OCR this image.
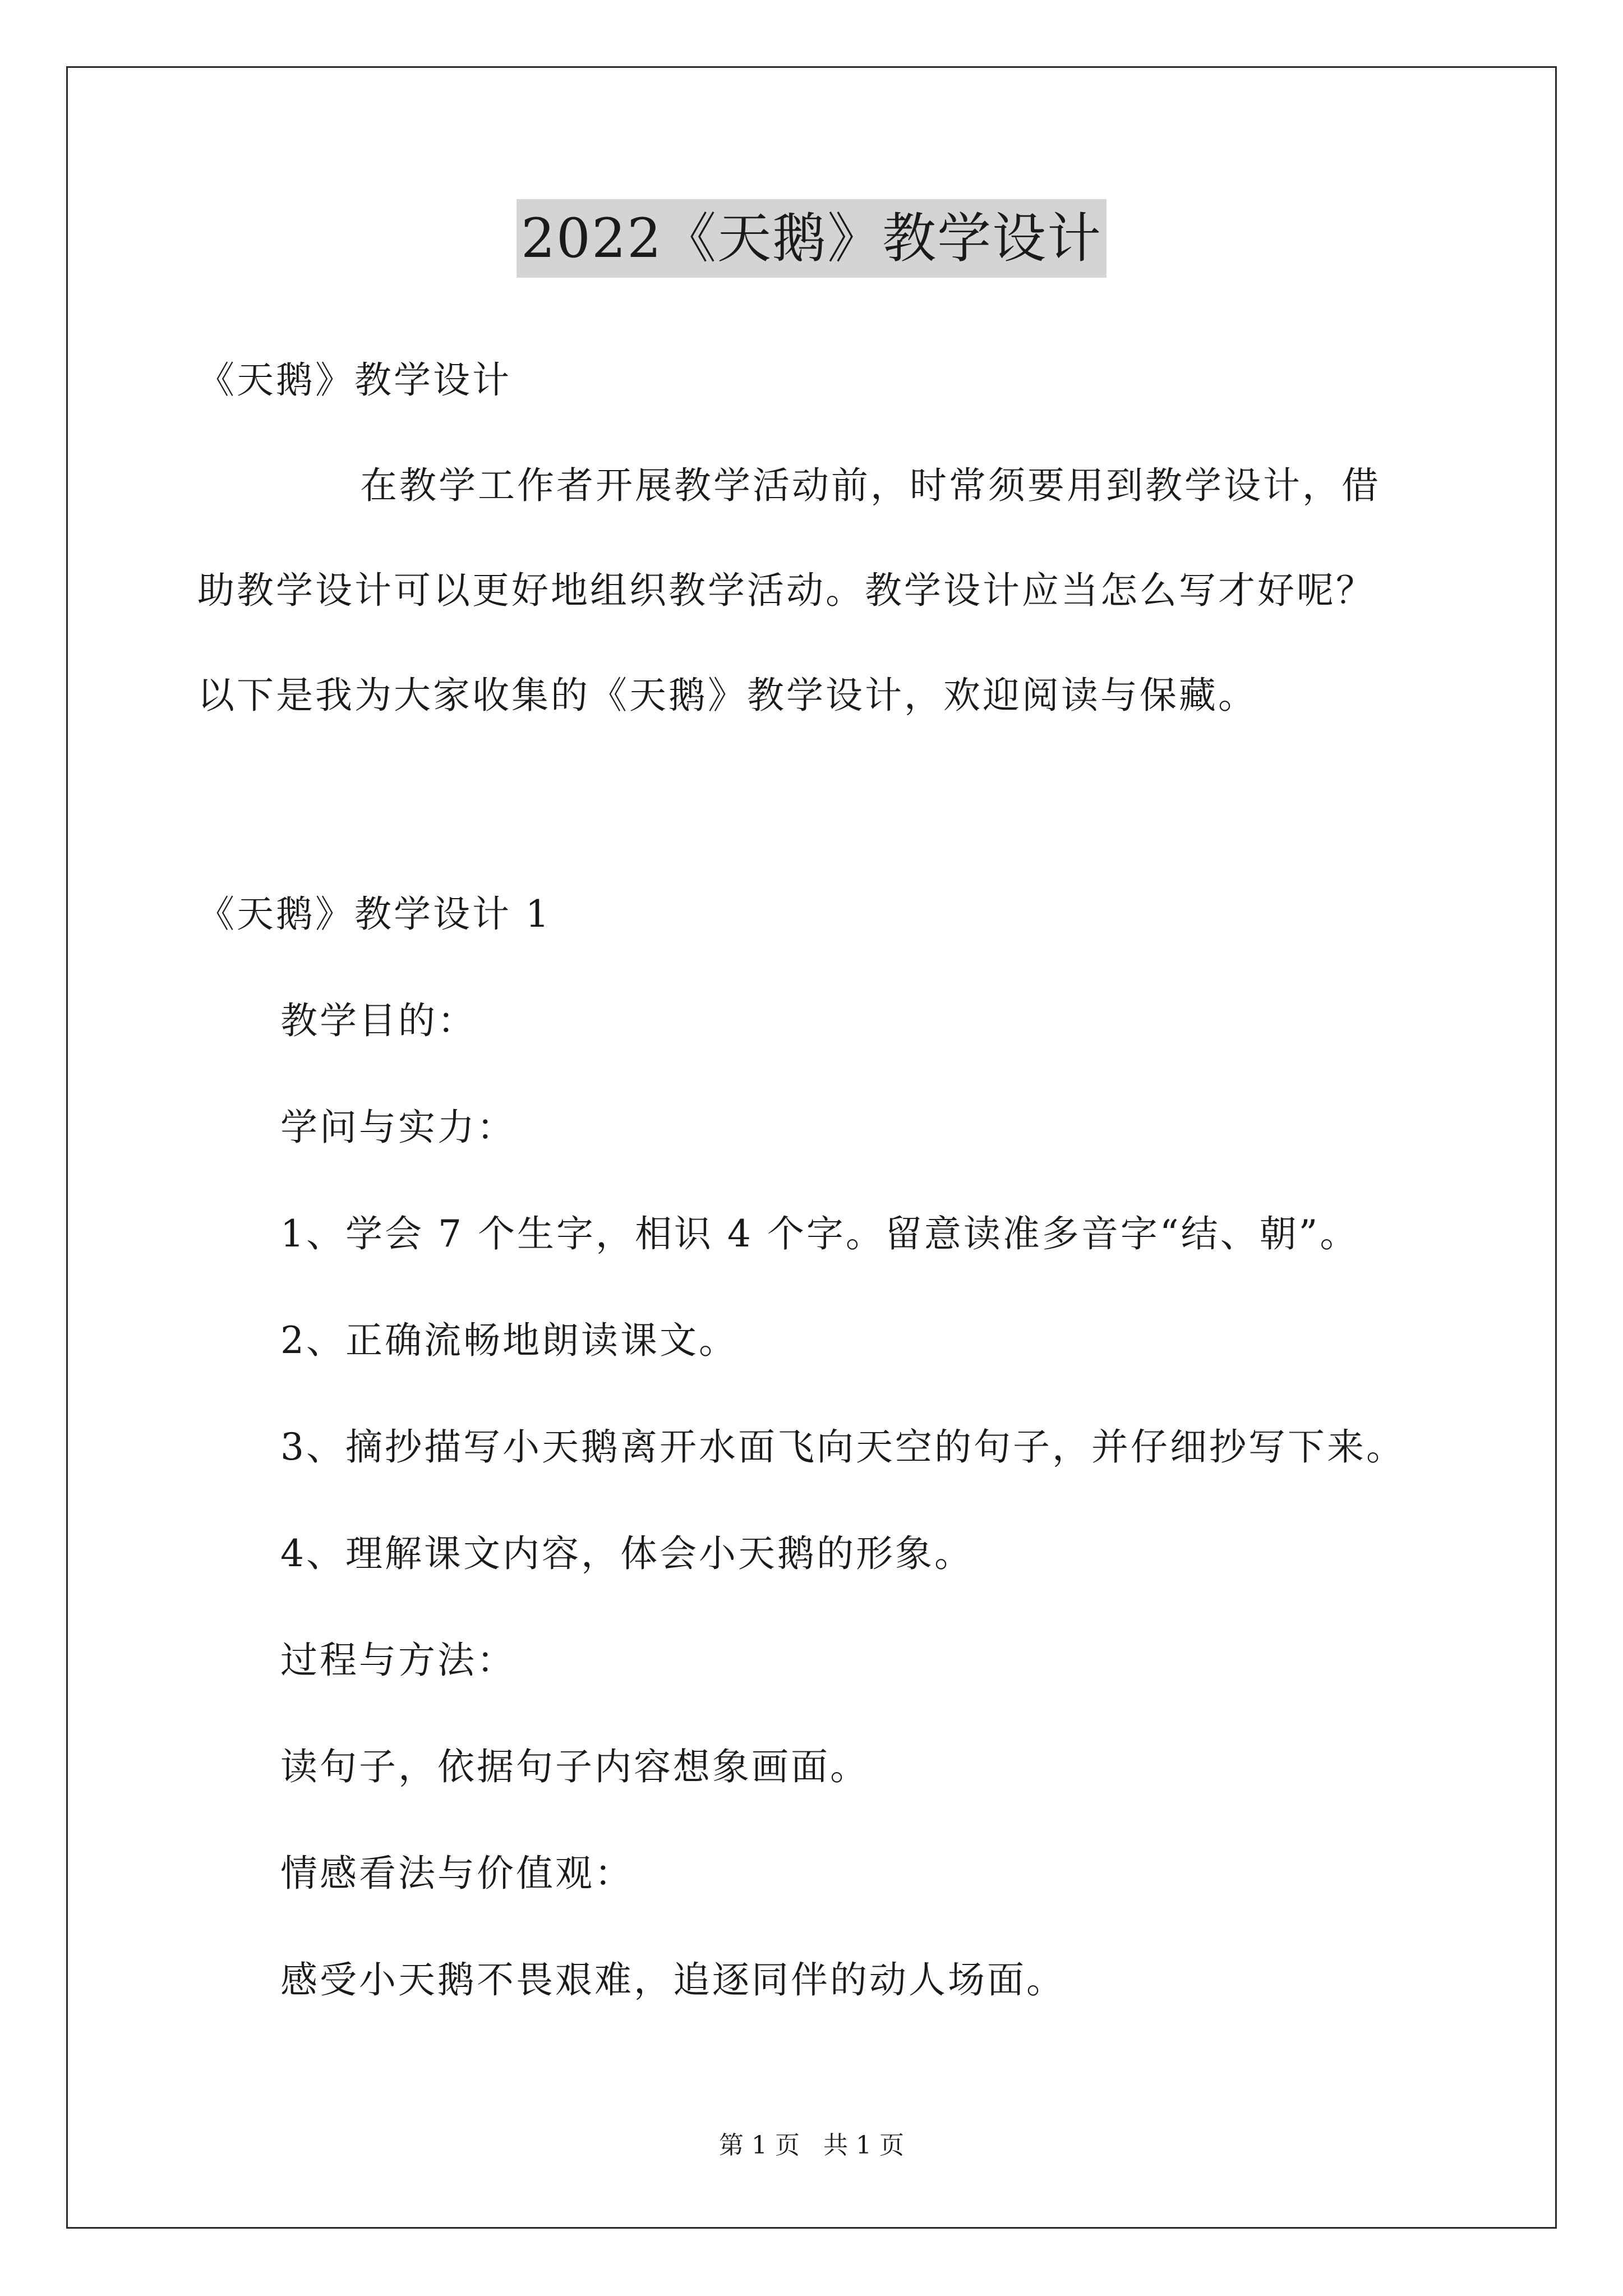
2022《天鹅》教学设计
《天鹅》教学设计
在教学工作者开展教学活动前，时常须要用到教学设计，借
助教学设计可以更好地组织教学活动。教学设计应当怎么写才好呢？
以下是我为大家收集的《天鹅》教学设计，欢迎阅读与保藏。
《天鹅》教学设计 1
教学目的：
学问与实力：
1、学会 7 个生字，相识 4 个字。留意读准多音字“结、朝”。
2、正确流畅地朗读课文。
3、摘抄描写小天鹅离开水面飞向天空的句子，并仔细抄写下来。
4、理解课文内容，体会小天鹅的形象。
过程与方法：
读句子，依据句子内容想象画面。
情感看法与价值观：
感受小天鹅不畏艰难，追逐同伴的动人场面。
第 1 页   共 1 页
